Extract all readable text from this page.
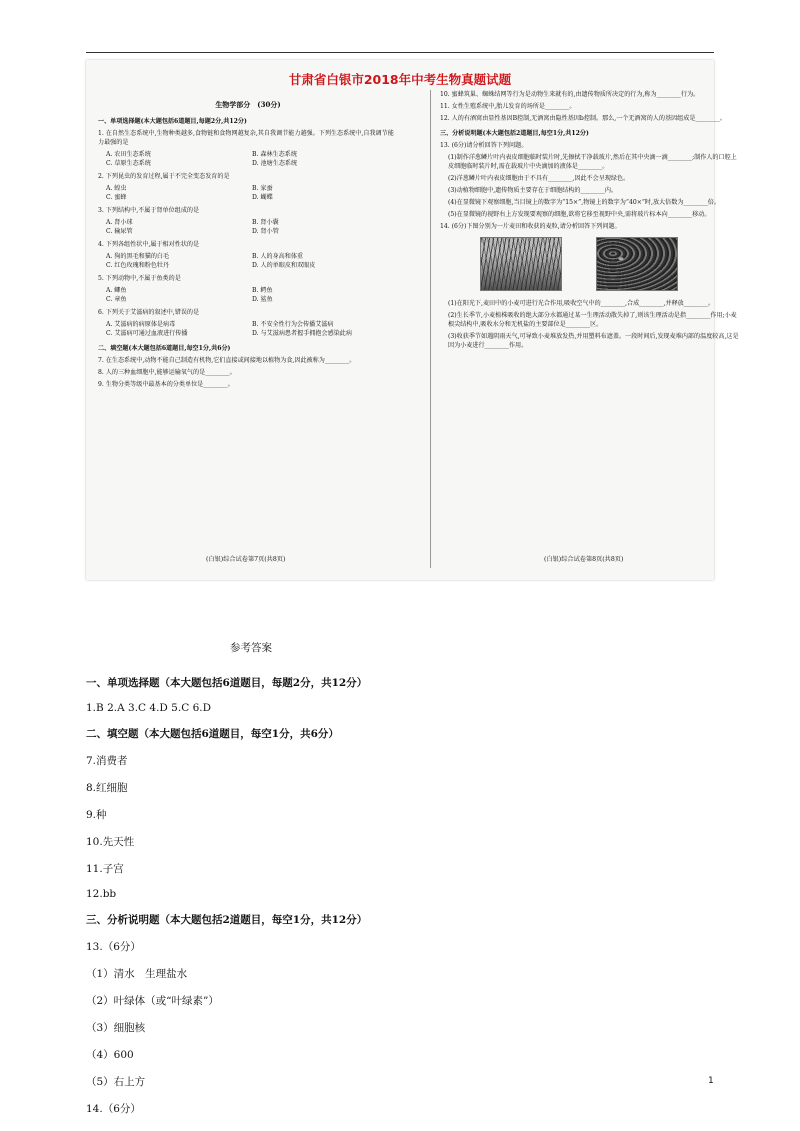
甘肃省白银市2018年中考生物真题试题

生物学部分　(30分)

一、单项选择题(本大题包括6道题目,每题2分,共12分)

1. 在自然生态系统中,生物种类越多,食物链和食物网越复杂,其自我调节能力越强。下列生态系统中,自我调节能力最强的是

A. 农田生态系统	B. 森林生态系统
C. 草原生态系统	D. 池塘生态系统

2. 下列昆虫的发育过程,属于不完全变态发育的是

A. 蝗虫	B. 家蚕
C. 蜜蜂	D. 蝴蝶

3. 下列结构中,不属于肾单位组成的是

A. 肾小球	B. 肾小囊
C. 输尿管	D. 肾小管

4. 下列各组性状中,属于相对性状的是

A. 狗的黑毛和猫的白毛	B. 人的身高和体重
C. 红色玫瑰和粉色牡丹	D. 人的单眼皮和双眼皮

5. 下列动物中,不属于鱼类的是

A. 鲫鱼	B. 鳄鱼
C. 章鱼	D. 鲨鱼

6. 下列关于艾滋病的叙述中,错误的是

A. 艾滋病的病原体是病毒	B. 不安全性行为会传播艾滋病
C. 艾滋病可通过血液进行传播	D. 与艾滋病患者握手拥抱会感染此病

二、填空题(本大题包括6道题目,每空1分,共6分)

7. 在生态系统中,动物不能自己制造有机物,它们直接或间接地以植物为食,因此被称为________。

8. 人的三种血细胞中,能够运输氧气的是________。

9. 生物分类等级中最基本的分类单位是________。

10. 蜜蜂筑巢、蜘蛛结网等行为是动物生来就有的,由遗传物质所决定的行为,称为________行为。

11. 女性生殖系统中,胎儿发育的场所是________。

12. 人的有酒窝由显性基因B控制,无酒窝由隐性基因b控制。那么,一个无酒窝的人的基因组成是________。

三、分析说明题(本大题包括2道题目,每空1分,共12分)

13. (6分)请分析回答下列问题。

(1)制作洋葱鳞片叶内表皮细胞临时装片时,先擦拭干净载玻片,然后在其中央滴一滴________;制作人的口腔上皮细胞临时装片时,需在载玻片中央滴加的液体是________。

(2)洋葱鳞片叶内表皮细胞由于不具有________,因此不会呈现绿色。

(3)动植物细胞中,遗传物质主要存在于细胞结构的________内。

(4)在显微镜下观察细胞,当目镜上的数字为“15×”,物镜上的数字为“40×”时,放大倍数为________倍。

(5)在显微镜的视野右上方发现要观察的细胞,欲将它移至视野中央,需将玻片标本向________移动。

14. (6分)下图分别为一片麦田和收获的麦粒,请分析回答下列问题。

(1)在阳光下,麦田中的小麦可进行光合作用,吸收空气中的________,合成________,并释放________。

(2)生长季节,小麦植株吸收的绝大部分水都通过某一生理活动散失掉了,则该生理活动是指________作用;小麦根尖结构中,吸收水分和无机盐的主要部位是________区。

(3)收获季节如遇阴雨天气,可导致小麦堆放发热,并用塑料布遮盖。一段时间后,发现麦堆内部的温度较高,这是因为小麦进行________作用。

(白银)综合试卷第7页(共8页)	(白银)综合试卷第8页(共8页)

参考答案

一、单项选择题（本大题包括6道题目，每题2分，共12分）

1.B 2.A 3.C 4.D 5.C 6.D

二、填空题（本大题包括6道题目，每空1分，共6分）

7.消费者

8.红细胞

9.种

10.先天性

11.子宫

12.bb

三、分析说明题（本大题包括2道题目，每空1分，共12分）

13.（6分）

（1）清水　生理盐水

（2）叶绿体（或“叶绿素”）

（3）细胞核

（4）600

（5）右上方

14.（6分）

1
